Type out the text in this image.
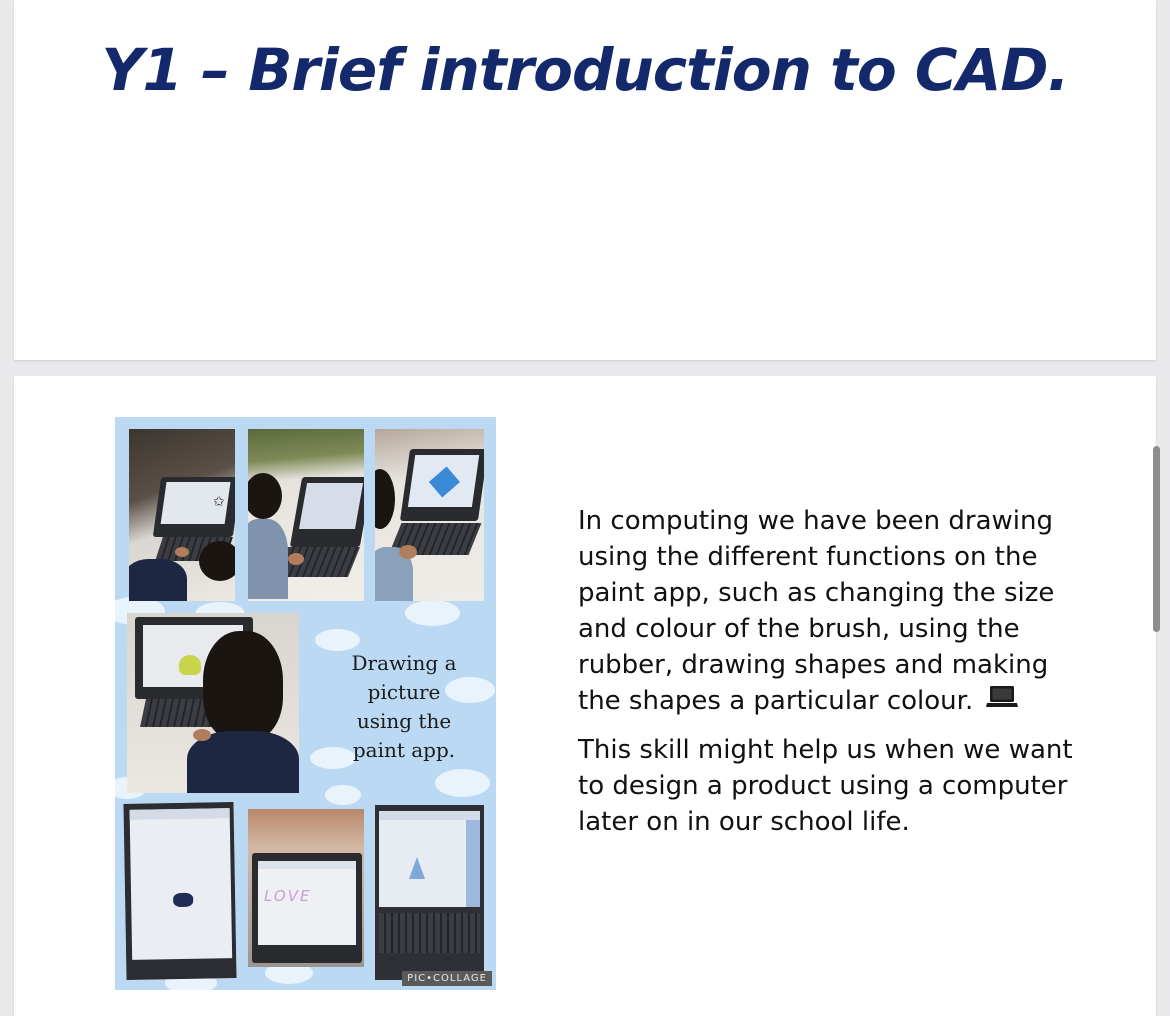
Y1 – Brief introduction to CAD.
✩
Drawing a
picture
using the
paint app.
LOVE
PIC•COLLAGE

In computing we have been drawing using the different functions on the paint app, such as changing the size and colour of the brush, using the rubber, drawing shapes and making the shapes a particular colour.

This skill might help us when we want to design a product using a computer later on in our school life.
